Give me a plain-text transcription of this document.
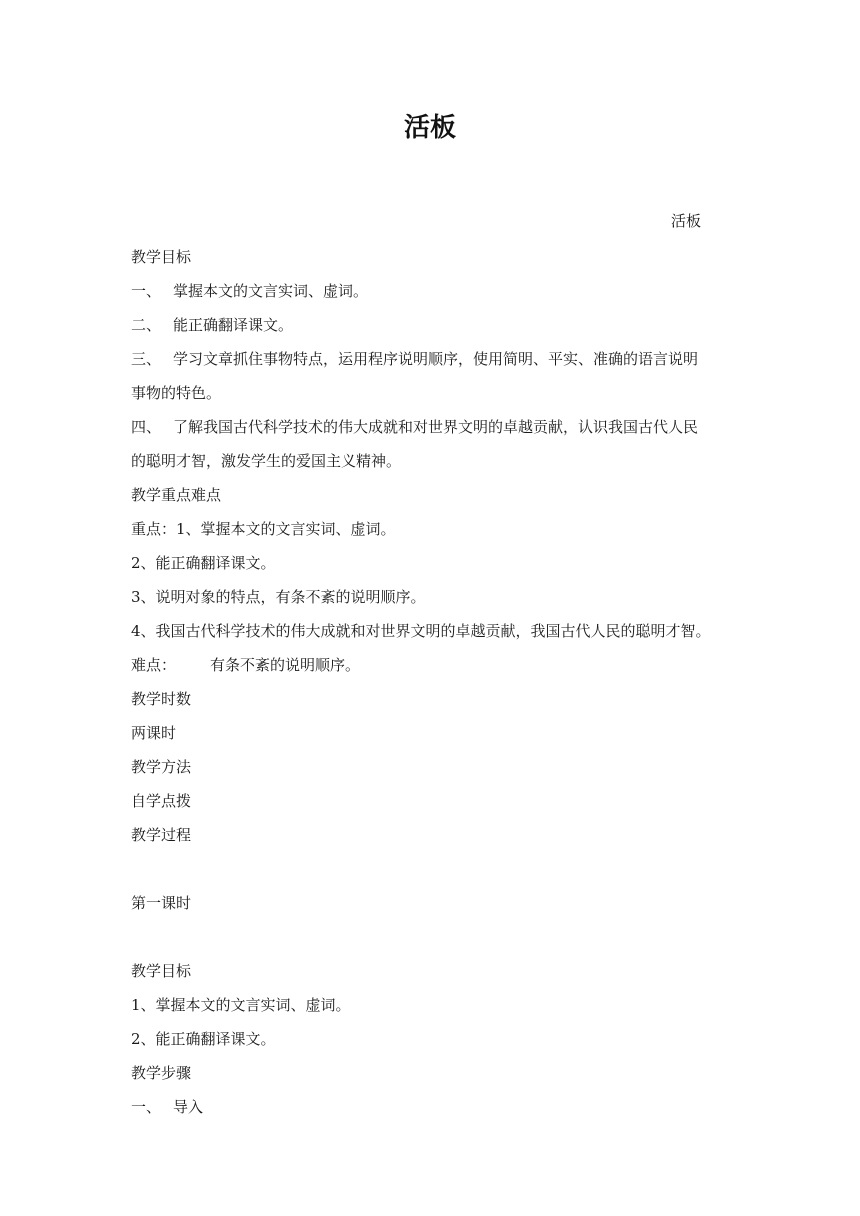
活板
活板
教学目标
一、 掌握本文的文言实词、虚词。
二、 能正确翻译课文。
三、 学习文章抓住事物特点，运用程序说明顺序，使用简明、平实、准确的语言说明
事物的特色。
四、 了解我国古代科学技术的伟大成就和对世界文明的卓越贡献，认识我国古代人民
的聪明才智，激发学生的爱国主义精神。
教学重点难点
重点：1、掌握本文的文言实词、虚词。
2、能正确翻译课文。
3、说明对象的特点，有条不紊的说明顺序。
4、我国古代科学技术的伟大成就和对世界文明的卓越贡献，我国古代人民的聪明才智。
难点： 有条不紊的说明顺序。
教学时数
两课时
教学方法
自学点拨
教学过程
第一课时
教学目标
1、掌握本文的文言实词、虚词。
2、能正确翻译课文。
教学步骤
一、 导入
